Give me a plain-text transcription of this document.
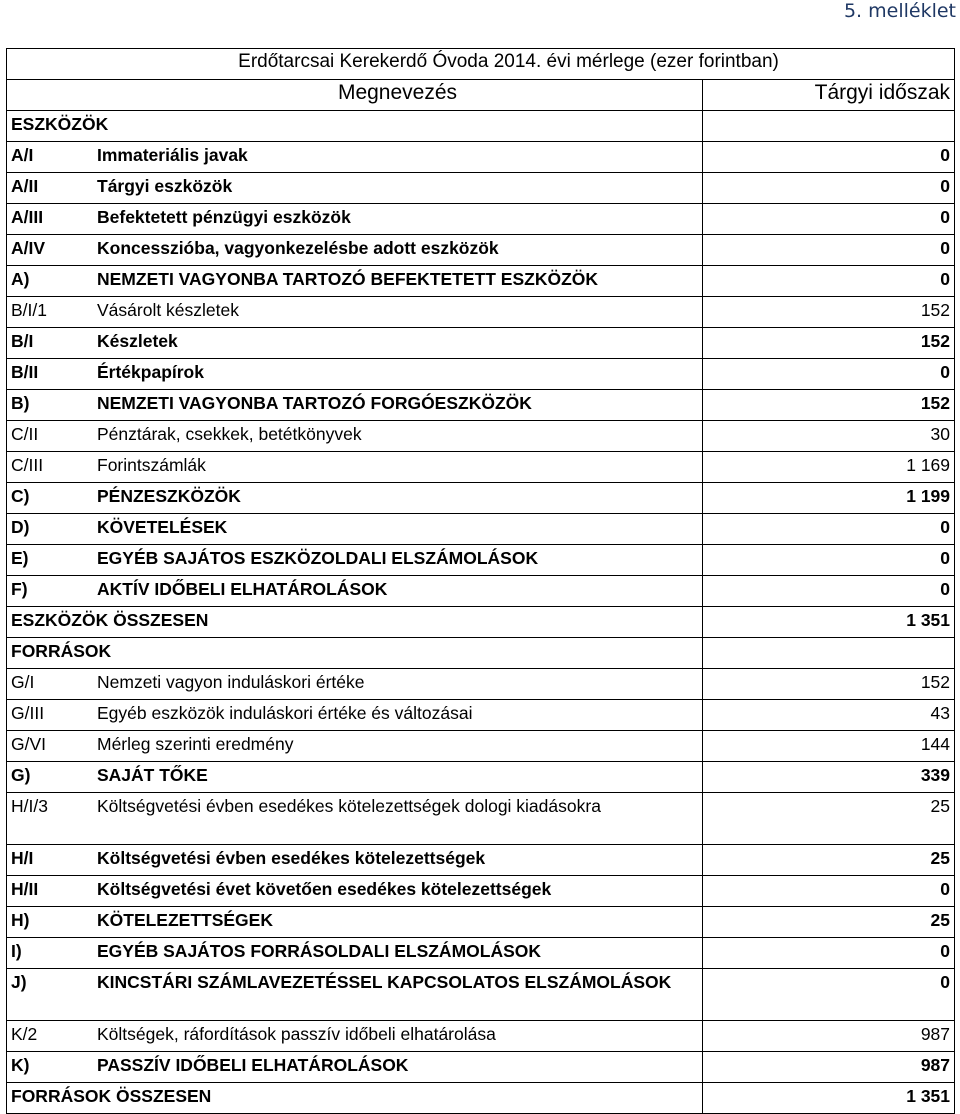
5. melléklet
Erdőtarcsai Kerekerdő Óvoda 2014. évi mérlege (ezer forintban)	
Megnevezés	Tárgyi időszak
ESZKÖZÖK	
A/I Immateriális javak	0
A/II Tárgyi eszközök	0
A/III Befektetett pénzügyi eszközök	0
A/IV Koncesszióba, vagyonkezelésbe adott eszközök	0
A) NEMZETI VAGYONBA TARTOZÓ BEFEKTETETT ESZKÖZÖK	0
B/I/1 Vásárolt készletek	152
B/I Készletek	152
B/II Értékpapírok	0
B) NEMZETI VAGYONBA TARTOZÓ FORGÓESZKÖZÖK	152
C/II Pénztárak, csekkek, betétkönyvek	30
C/III Forintszámlák	1 169
C) PÉNZESZKÖZÖK	1 199
D) KÖVETELÉSEK	0
E) EGYÉB SAJÁTOS ESZKÖZOLDALI ELSZÁMOLÁSOK	0
F) AKTÍV IDŐBELI ELHATÁROLÁSOK	0
ESZKÖZÖK ÖSSZESEN	1 351
FORRÁSOK	
G/I Nemzeti vagyon induláskori értéke	152
G/III Egyéb eszközök induláskori értéke és változásai	43
G/VI Mérleg szerinti eredmény	144
G) SAJÁT TŐKE	339
H/I/3 Költségvetési évben esedékes kötelezettségek dologi kiadásokra	25
H/I Költségvetési évben esedékes kötelezettségek	25
H/II Költségvetési évet követően esedékes kötelezettségek	0
H) KÖTELEZETTSÉGEK	25
I) EGYÉB SAJÁTOS FORRÁSOLDALI ELSZÁMOLÁSOK	0
J) KINCSTÁRI SZÁMLAVEZETÉSSEL KAPCSOLATOS ELSZÁMOLÁSOK	0
K/2 Költségek, ráfordítások passzív időbeli elhatárolása	987
K) PASSZÍV IDŐBELI ELHATÁROLÁSOK	987
FORRÁSOK ÖSSZESEN	1 351
